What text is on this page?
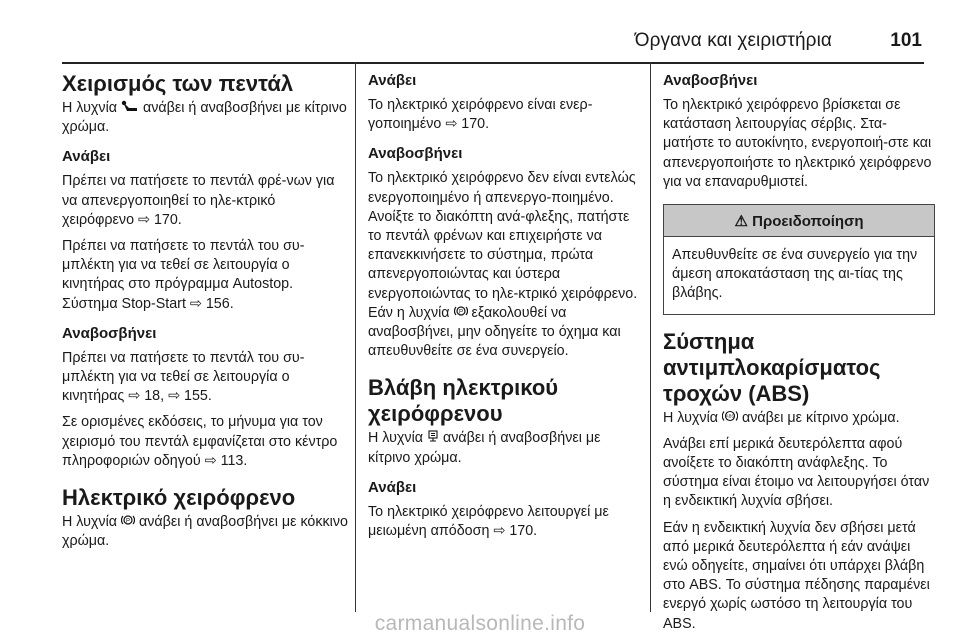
Όργανα και χειριστήρια	101
Χειρισμός των πεντάλ

Η λυχνία ανάβει ή αναβοσβήνει με κίτρινο χρώμα.

Ανάβει

Πρέπει να πατήσετε το πεντάλ φρέ-νων για να απενεργοποιηθεί το ηλε-κτρικό χειρόφρενο ⇨ 170.

Πρέπει να πατήσετε το πεντάλ του συ-μπλέκτη για να τεθεί σε λειτουργία ο κινητήρας στο πρόγραμμα Autostop. Σύστημα Stop-Start ⇨ 156.

Αναβοσβήνει

Πρέπει να πατήσετε το πεντάλ του συ-μπλέκτη για να τεθεί σε λειτουργία ο κινητήρας ⇨ 18, ⇨ 155.

Σε ορισμένες εκδόσεις, το μήνυμα για τον χειρισμό του πεντάλ εμφανίζεται στο κέντρο πληροφοριών οδηγού ⇨ 113.

Ηλεκτρικό χειρόφρενο

Η λυχνία P ανάβει ή αναβοσβήνει με κόκκινο χρώμα.

Ανάβει

Το ηλεκτρικό χειρόφρενο είναι ενερ-γοποιημένο ⇨ 170.

Αναβοσβήνει

Το ηλεκτρικό χειρόφρενο δεν είναι εντελώς ενεργοποιημένο ή απενεργο-ποιημένο. Ανοίξτε το διακόπτη ανά-φλεξης, πατήστε το πεντάλ φρένων και επιχειρήστε να επανεκκινήσετε το σύστημα, πρώτα απενεργοποιώντας και ύστερα ενεργοποιώντας το ηλε-κτρικό χειρόφρενο. Εάν η λυχνία P εξακολουθεί να αναβοσβήνει, μην οδηγείτε το όχημα και απευθυνθείτε σε ένα συνεργείο.

Βλάβη ηλεκτρικού χειρόφρενου

Η λυχνία ανάβει ή αναβοσβήνει με κίτρινο χρώμα.

Ανάβει

Το ηλεκτρικό χειρόφρενο λειτουργεί με μειωμένη απόδοση ⇨ 170.

Αναβοσβήνει

Το ηλεκτρικό χειρόφρενο βρίσκεται σε κατάσταση λειτουργίας σέρβις. Στα-ματήστε το αυτοκίνητο, ενεργοποιή-στε και απενεργοποιήστε το ηλεκτρικό χειρόφρενο για να επαναρυθμιστεί.

⚠ Προειδοποίηση

Απευθυνθείτε σε ένα συνεργείο για την άμεση αποκατάσταση της αι-τίας της βλάβης.

Σύστημα αντιμπλοκαρίσματος τροχών (ABS)

Η λυχνία ABS ανάβει με κίτρινο χρώμα.

Ανάβει επί μερικά δευτερόλεπτα αφού ανοίξετε το διακόπτη ανάφλεξης. Το σύστημα είναι έτοιμο να λειτουργήσει όταν η ενδεικτική λυχνία σβήσει.

Εάν η ενδεικτική λυχνία δεν σβήσει μετά από μερικά δευτερόλεπτα ή εάν ανάψει ενώ οδηγείτε, σημαίνει ότι υπάρχει βλάβη στο ABS. Το σύστημα πέδησης παραμένει ενεργό χωρίς ωστόσο τη λειτουργία του ABS.

carmanualsonline.info
